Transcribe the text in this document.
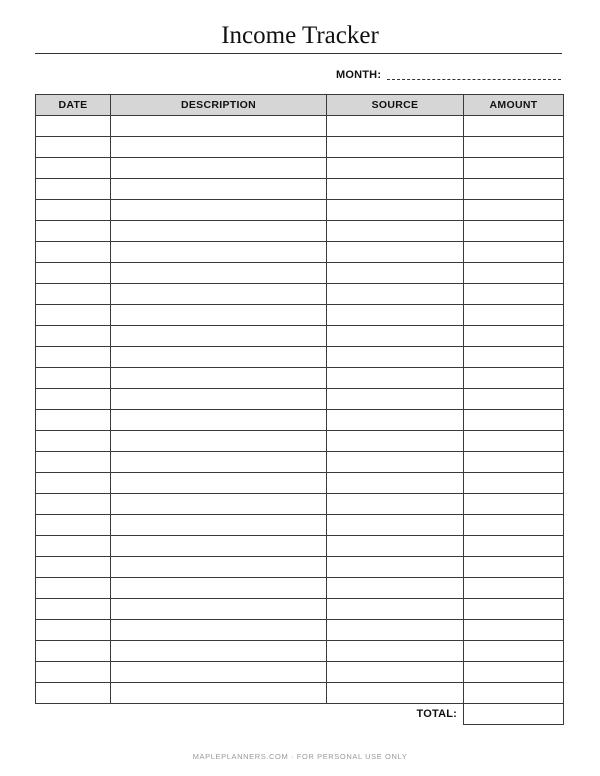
Income Tracker
MONTH:
DATE	DESCRIPTION	SOURCE	AMOUNT

		TOTAL:	
MAPLEPLANNERS.COM · FOR PERSONAL USE ONLY
